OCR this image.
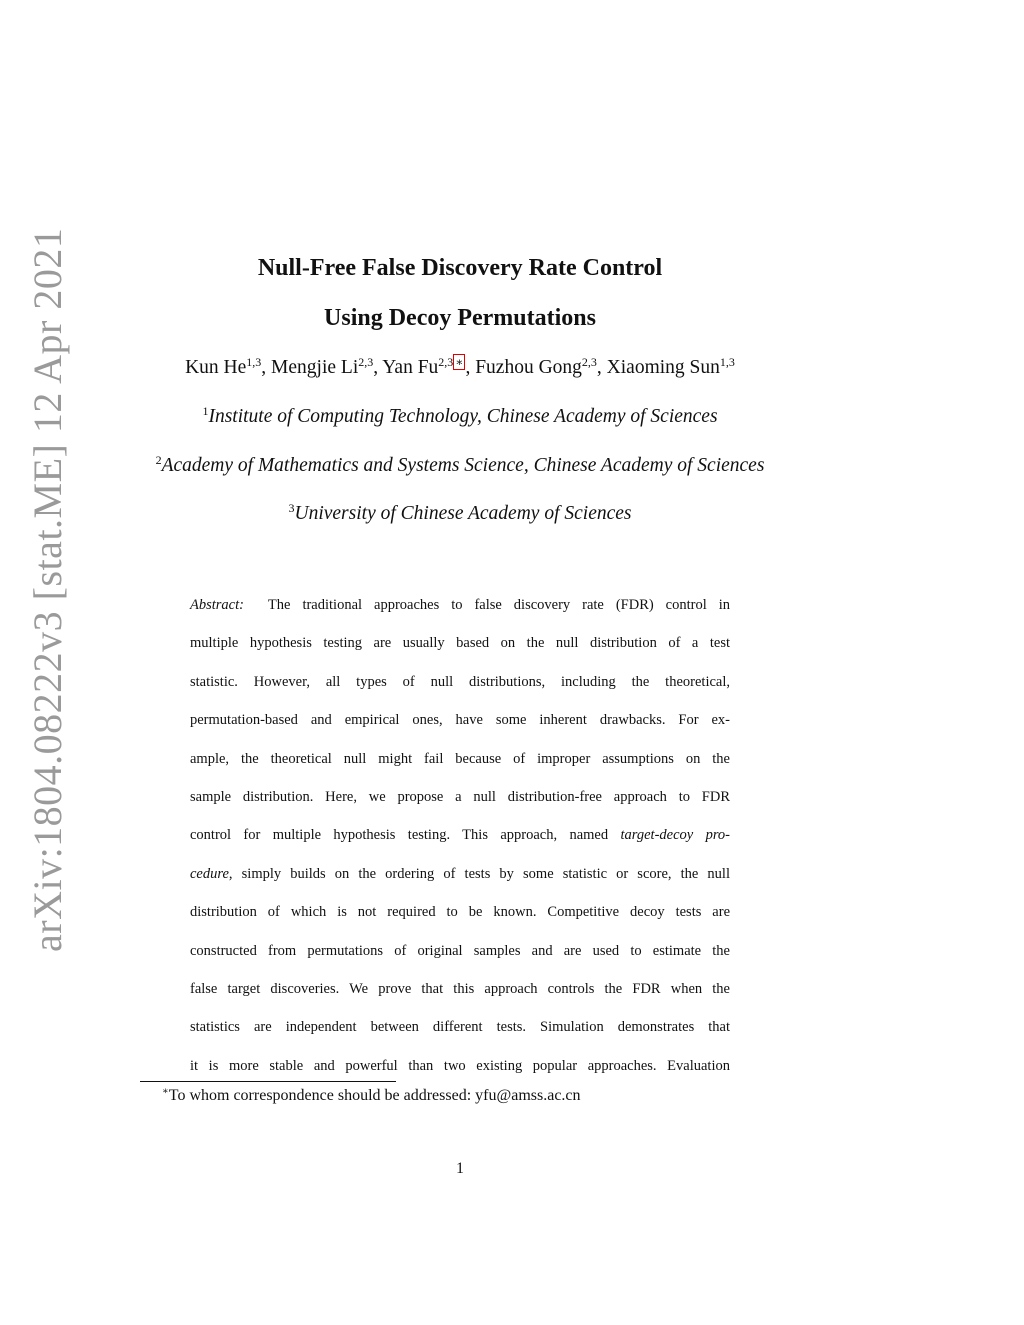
arXiv:1804.08222v3 [stat.ME] 12 Apr 2021	Null-Free False Discovery Rate Control
Using Decoy Permutations
Kun He$^{1,3}$, Mengjie Li$^{2,3}$, Yan Fu$^{2,3}$ ∗ , Fuzhou Gong$^{2,3}$, Xiaoming Sun$^{1,3}$
$^1$Institute of Computing Technology, Chinese Academy of Sciences
$^2$Academy of Mathematics and Systems Science, Chinese Academy of Sciences
$^3$University of Chinese Academy of Sciences
Abstract: The traditional approaches to false discovery rate (FDR) control in
multiple hypothesis testing are usually based on the null distribution of a test
statistic. However, all types of null distributions, including the theoretical,
permutation-based and empirical ones, have some inherent drawbacks. For ex-
ample, the theoretical null might fail because of improper assumptions on the
sample distribution. Here, we propose a null distribution-free approach to FDR
control for multiple hypothesis testing. This approach, named target-decoy pro-
cedure, simply builds on the ordering of tests by some statistic or score, the null
distribution of which is not required to be known. Competitive decoy tests are
constructed from permutations of original samples and are used to estimate the
false target discoveries. We prove that this approach controls the FDR when the
statistics are independent between different tests. Simulation demonstrates that
it is more stable and powerful than two existing popular approaches. Evaluation
∗To whom correspondence should be addressed: yfu@amss.ac.cn
1
